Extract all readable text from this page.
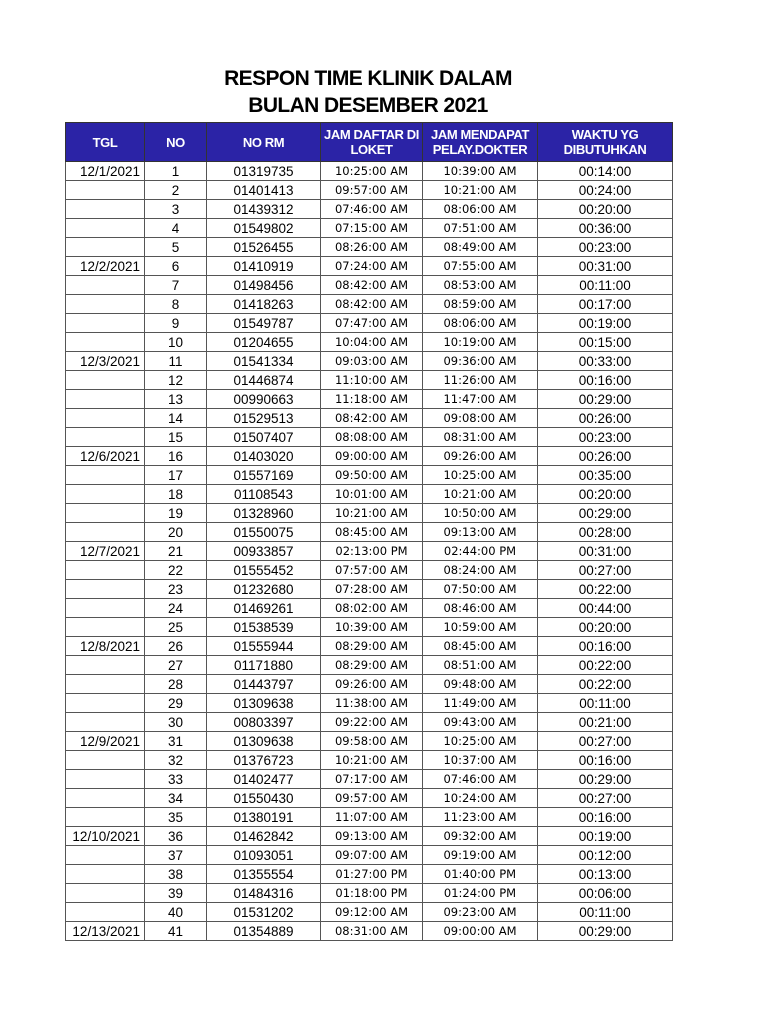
RESPON TIME KLINIK DALAM
BULAN DESEMBER 2021
TGL	NO	NO RM	JAM DAFTAR DI LOKET	JAM MENDAPAT PELAY.DOKTER	WAKTU YG DIBUTUHKAN
12/1/2021	1	01319735	10:25:00 AM	10:39:00 AM	00:14:00
	2	01401413	09:57:00 AM	10:21:00 AM	00:24:00
	3	01439312	07:46:00 AM	08:06:00 AM	00:20:00
	4	01549802	07:15:00 AM	07:51:00 AM	00:36:00
	5	01526455	08:26:00 AM	08:49:00 AM	00:23:00
12/2/2021	6	01410919	07:24:00 AM	07:55:00 AM	00:31:00
	7	01498456	08:42:00 AM	08:53:00 AM	00:11:00
	8	01418263	08:42:00 AM	08:59:00 AM	00:17:00
	9	01549787	07:47:00 AM	08:06:00 AM	00:19:00
	10	01204655	10:04:00 AM	10:19:00 AM	00:15:00
12/3/2021	11	01541334	09:03:00 AM	09:36:00 AM	00:33:00
	12	01446874	11:10:00 AM	11:26:00 AM	00:16:00
	13	00990663	11:18:00 AM	11:47:00 AM	00:29:00
	14	01529513	08:42:00 AM	09:08:00 AM	00:26:00
	15	01507407	08:08:00 AM	08:31:00 AM	00:23:00
12/6/2021	16	01403020	09:00:00 AM	09:26:00 AM	00:26:00
	17	01557169	09:50:00 AM	10:25:00 AM	00:35:00
	18	01108543	10:01:00 AM	10:21:00 AM	00:20:00
	19	01328960	10:21:00 AM	10:50:00 AM	00:29:00
	20	01550075	08:45:00 AM	09:13:00 AM	00:28:00
12/7/2021	21	00933857	02:13:00 PM	02:44:00 PM	00:31:00
	22	01555452	07:57:00 AM	08:24:00 AM	00:27:00
	23	01232680	07:28:00 AM	07:50:00 AM	00:22:00
	24	01469261	08:02:00 AM	08:46:00 AM	00:44:00
	25	01538539	10:39:00 AM	10:59:00 AM	00:20:00
12/8/2021	26	01555944	08:29:00 AM	08:45:00 AM	00:16:00
	27	01171880	08:29:00 AM	08:51:00 AM	00:22:00
	28	01443797	09:26:00 AM	09:48:00 AM	00:22:00
	29	01309638	11:38:00 AM	11:49:00 AM	00:11:00
	30	00803397	09:22:00 AM	09:43:00 AM	00:21:00
12/9/2021	31	01309638	09:58:00 AM	10:25:00 AM	00:27:00
	32	01376723	10:21:00 AM	10:37:00 AM	00:16:00
	33	01402477	07:17:00 AM	07:46:00 AM	00:29:00
	34	01550430	09:57:00 AM	10:24:00 AM	00:27:00
	35	01380191	11:07:00 AM	11:23:00 AM	00:16:00
12/10/2021	36	01462842	09:13:00 AM	09:32:00 AM	00:19:00
	37	01093051	09:07:00 AM	09:19:00 AM	00:12:00
	38	01355554	01:27:00 PM	01:40:00 PM	00:13:00
	39	01484316	01:18:00 PM	01:24:00 PM	00:06:00
	40	01531202	09:12:00 AM	09:23:00 AM	00:11:00
12/13/2021	41	01354889	08:31:00 AM	09:00:00 AM	00:29:00
